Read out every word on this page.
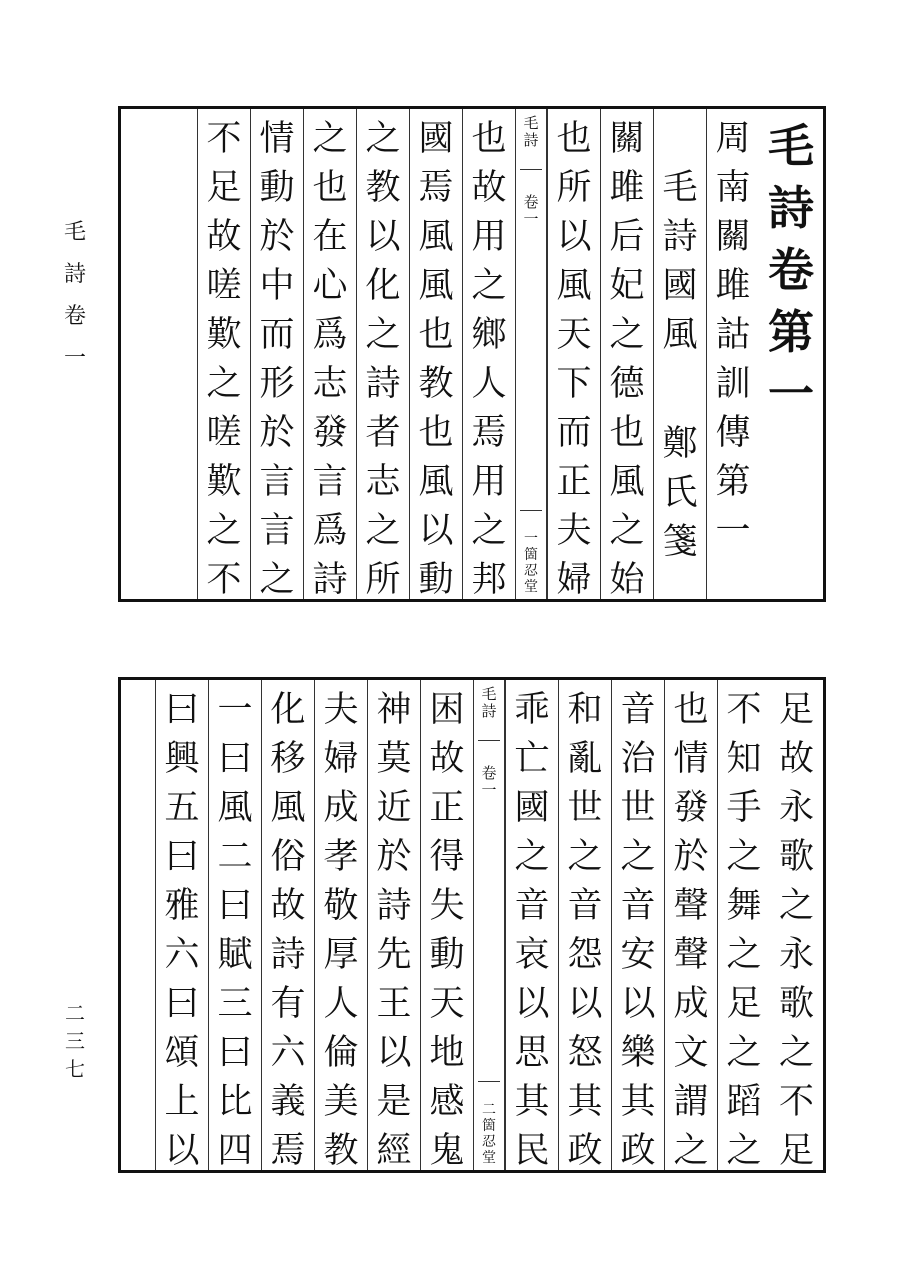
毛
詩
卷
一
二
三
七
毛
詩
卷
第
一
周
南
關
雎
詁
訓
傳
第
一
毛
詩
國
風
鄭
氏
箋
關
雎
后
妃
之
德
也
風
之
始
也
所
以
風
天
下
而
正
夫
婦
毛
詩
卷
一
一
箇
忍
堂
也
故
用
之
鄉
人
焉
用
之
邦
國
焉
風
風
也
教
也
風
以
動
之
教
以
化
之
詩
者
志
之
所
之
也
在
心
爲
志
發
言
爲
詩
情
動
於
中
而
形
於
言
言
之
不
足
故
嗟
歎
之
嗟
歎
之
不
足
故
永
歌
之
永
歌
之
不
足
不
知
手
之
舞
之
足
之
蹈
之
也
情
發
於
聲
聲
成
文
謂
之
音
治
世
之
音
安
以
樂
其
政
和
亂
世
之
音
怨
以
怒
其
政
乖
亡
國
之
音
哀
以
思
其
民
毛
詩
卷
一
二
箇
忍
堂
困
故
正
得
失
動
天
地
感
鬼
神
莫
近
於
詩
先
王
以
是
經
夫
婦
成
孝
敬
厚
人
倫
美
教
化
移
風
俗
故
詩
有
六
義
焉
一
曰
風
二
曰
賦
三
曰
比
四
曰
興
五
曰
雅
六
曰
頌
上
以
